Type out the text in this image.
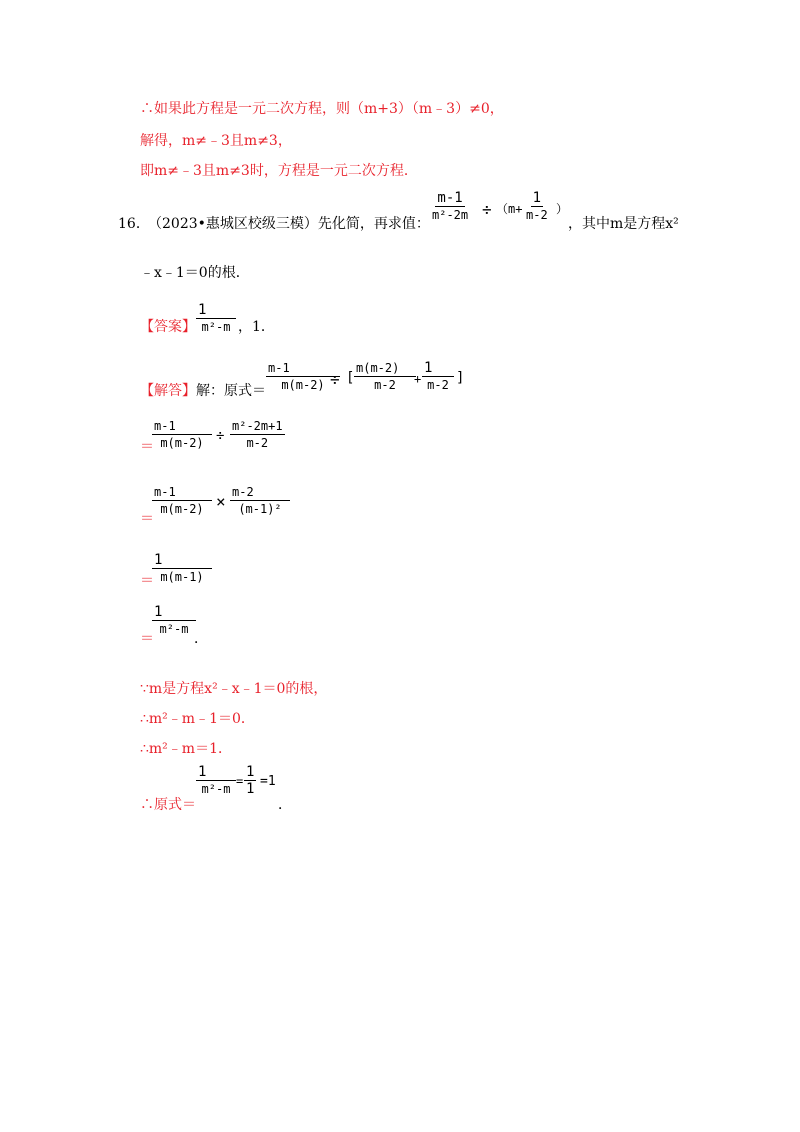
∴如果此方程是一元二次方程，则（m+3）（m﹣3）≠0，
解得，m≠﹣3且m≠3，
即m≠﹣3且m≠3时，方程是一元二次方程．
16．
（2023•惠城区校级三模）先化简，再求值：
$\frac{m-1}{\text{m²-2m}} \div (m+ \frac{1}{m-2}$ ）
，其中m是方程x²
﹣x﹣1＝0的根．
【答案】 $\frac{1}{\text{m²-m}}$ ，1．
【解答】 解：原式＝ $\frac{m-1}{m(m-2)}$
÷ [ $\frac{m(m-2)}{m-2}$
+ $\frac{1}{m-2}$ ]
＝
$\frac{m-1}{m(m-2)} \div \frac{\text{m²-2m+1}}{m-2}$
＝
$\frac{m-1}{m(m-2)} \times \frac{m-2}{\text{(m-1)²}}$
＝
$\frac{1}{m(m-1)}$
＝
$\frac{1}{\text{m²-m}}$
．
∵m是方程x²﹣x﹣1＝0的根，
∴m²﹣m﹣1＝0．
∴m²﹣m＝1．
∴原式＝
$\frac{1}{\text{m²-m}} = \frac{1}{1} =1$
．
